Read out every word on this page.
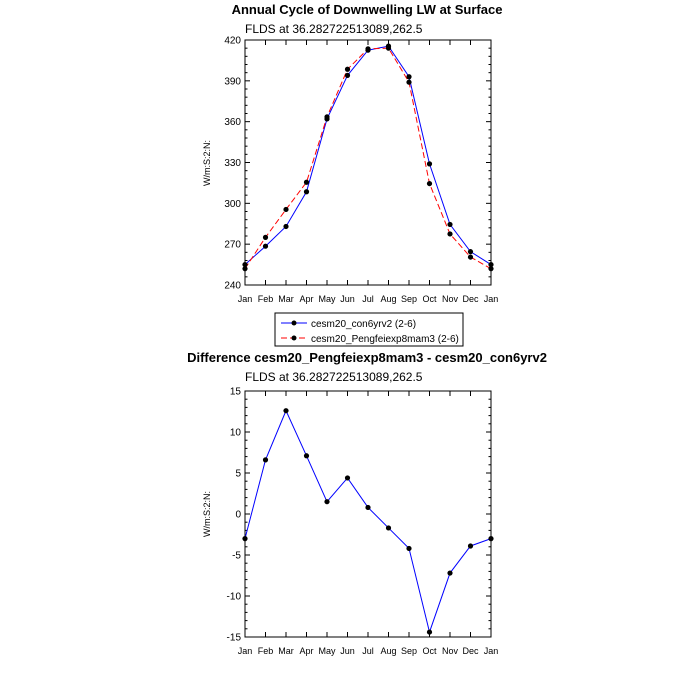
Annual Cycle of Downwelling LW at Surface
FLDS at 36.282722513089,262.5
W/m:S:2:N:
240
270
300
330
360
390
420
Jan Feb Mar Apr May Jun Jul Aug Sep Oct Nov Dec Jan
cesm20_con6yrv2 (2-6)
cesm20_Pengfeiexp8mam3 (2-6)
Difference cesm20_Pengfeiexp8mam3 - cesm20_con6yrv2
FLDS at 36.282722513089,262.5
W/m:S:2:N:
-15
-10
-5
0
5
10
15
Jan Feb Mar Apr May Jun Jul Aug Sep Oct Nov Dec Jan
